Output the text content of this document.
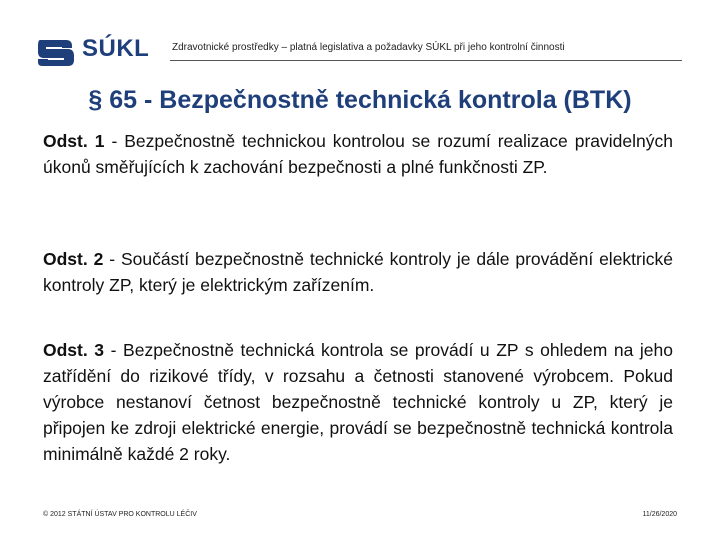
SÚKL Zdravotnické prostředky – platná legislativa a požadavky SÚKL při jeho kontrolní činnosti
§ 65 - Bezpečnostně technická kontrola (BTK)
Odst. 1 - Bezpečnostně technickou kontrolou se rozumí realizace pravidelných úkonů směřujících k zachování bezpečnosti a plné funkčnosti ZP.
Odst. 2 - Součástí bezpečnostně technické kontroly je dále provádění elektrické kontroly ZP, který je elektrickým zařízením.
Odst. 3 - Bezpečnostně technická kontrola se provádí u ZP s ohledem na jeho zatřídění do rizikové třídy, v rozsahu a četnosti stanovené výrobcem. Pokud výrobce nestanoví četnost bezpečnostně technické kontroly u ZP, který je připojen ke zdroji elektrické energie, provádí se bezpečnostně technická kontrola minimálně každé 2 roky.
© 2012 STÁTNÍ ÚSTAV PRO KONTROLU LÉČIV	11/26/2020
